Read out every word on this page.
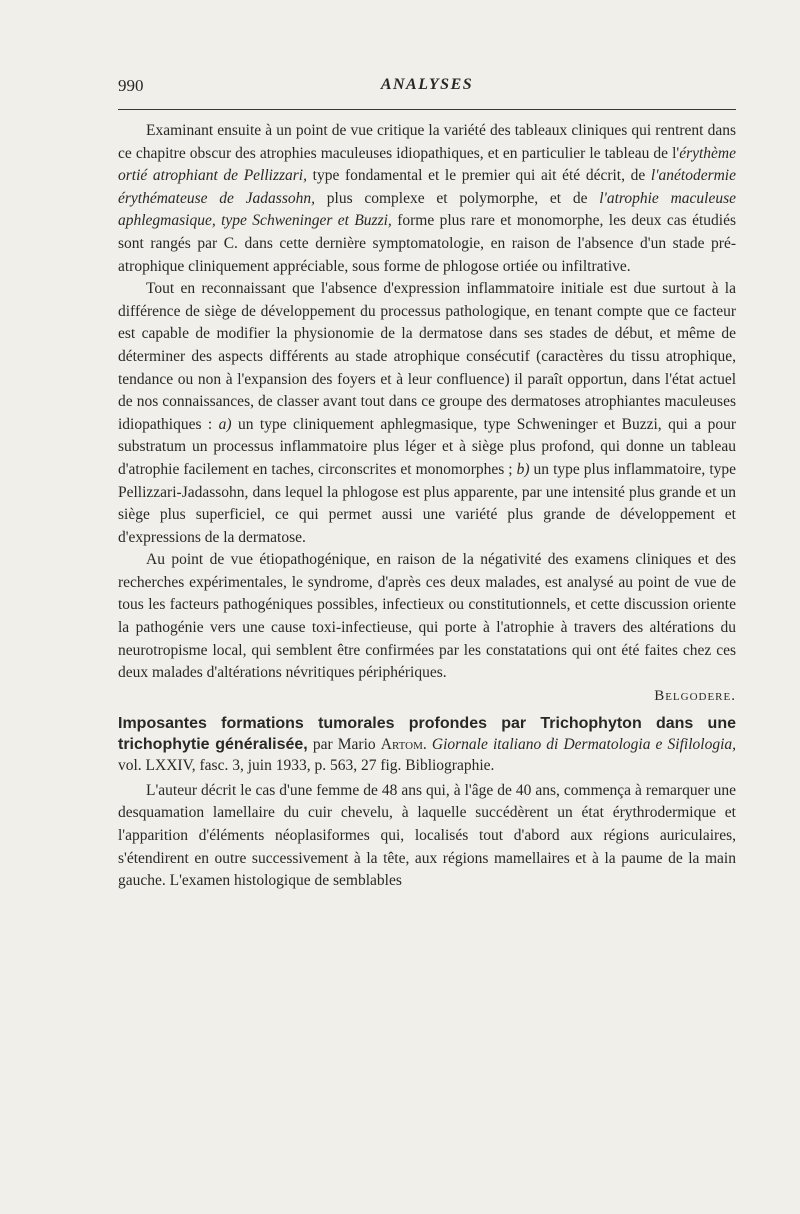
990	ANALYSES

Examinant ensuite à un point de vue critique la variété des tableaux cliniques qui rentrent dans ce chapitre obscur des atrophies maculeuses idiopathiques, et en particulier le tableau de l'érythème ortié atrophiant de Pellizzari, type fondamental et le premier qui ait été décrit, de l'anétodermie érythémateuse de Jadassohn, plus complexe et polymorphe, et de l'atrophie maculeuse aphlegmasique, type Schweninger et Buzzi, forme plus rare et monomorphe, les deux cas étudiés sont rangés par C. dans cette dernière symptomatologie, en raison de l'absence d'un stade pré-atrophique cliniquement appréciable, sous forme de phlogose ortiée ou infiltrative.

Tout en reconnaissant que l'absence d'expression inflammatoire initiale est due surtout à la différence de siège de développement du processus pathologique, en tenant compte que ce facteur est capable de modifier la physionomie de la dermatose dans ses stades de début, et même de déterminer des aspects différents au stade atrophique consécutif (caractères du tissu atrophique, tendance ou non à l'expansion des foyers et à leur confluence) il paraît opportun, dans l'état actuel de nos connaissances, de classer avant tout dans ce groupe des dermatoses atrophiantes maculeuses idiopathiques : a) un type cliniquement aphlegmasique, type Schweninger et Buzzi, qui a pour substratum un processus inflammatoire plus léger et à siège plus profond, qui donne un tableau d'atrophie facilement en taches, circonscrites et monomorphes ; b) un type plus inflammatoire, type Pellizzari-Jadassohn, dans lequel la phlogose est plus apparente, par une intensité plus grande et un siège plus superficiel, ce qui permet aussi une variété plus grande de développement et d'expressions de la dermatose.

Au point de vue étiopathogénique, en raison de la négativité des examens cliniques et des recherches expérimentales, le syndrome, d'après ces deux malades, est analysé au point de vue de tous les facteurs pathogéniques possibles, infectieux ou constitutionnels, et cette discussion oriente la pathogénie vers une cause toxi-infectieuse, qui porte à l'atrophie à travers des altérations du neurotropisme local, qui semblent être confirmées par les constatations qui ont été faites chez ces deux malades d'altérations névritiques périphériques.

Belgodere.

Imposantes formations tumorales profondes par Trichophyton dans une trichophytie généralisée, par Mario Artom. Giornale italiano di Dermatologia e Sifilologia, vol. LXXIV, fasc. 3, juin 1933, p. 563, 27 fig. Bibliographie.

L'auteur décrit le cas d'une femme de 48 ans qui, à l'âge de 40 ans, commença à remarquer une desquamation lamellaire du cuir chevelu, à laquelle succédèrent un état érythrodermique et l'apparition d'éléments néoplasiformes qui, localisés tout d'abord aux régions auriculaires, s'étendirent en outre successivement à la tête, aux régions mamellaires et à la paume de la main gauche. L'examen histologique de semblables
